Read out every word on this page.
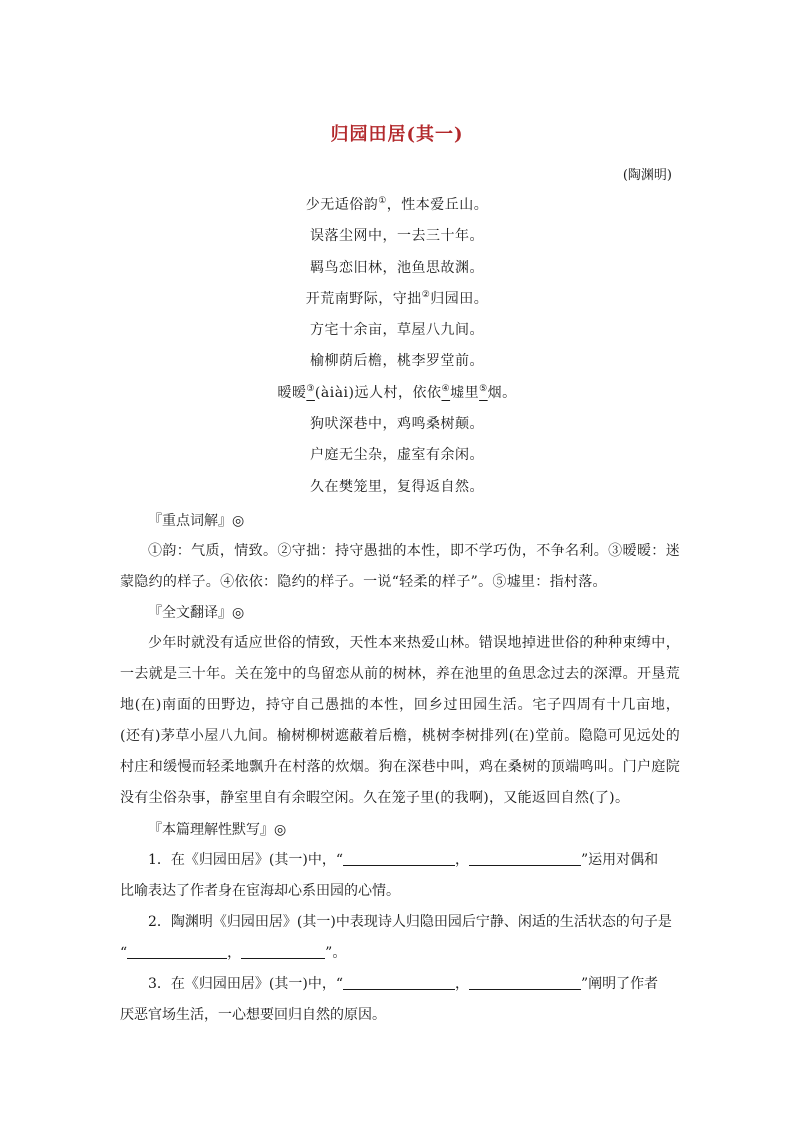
归园田居(其一)
(陶渊明)
少无适俗韵①，性本爱丘山。
误落尘网中，一去三十年。
羁鸟恋旧林，池鱼思故渊。
开荒南野际，守拙②归园田。
方宅十余亩，草屋八九间。
榆柳荫后檐，桃李罗堂前。
暧暧③(àiài)远人村，依依④墟里⑤烟。
狗吠深巷中，鸡鸣桑树颠。
户庭无尘杂，虚室有余闲。
久在樊笼里，复得返自然。
『重点词解』◎
①韵：气质，情致。②守拙：持守愚拙的本性，即不学巧伪，不争名利。③暧暧：迷蒙隐约的样子。④依依：隐约的样子。一说“轻柔的样子”。⑤墟里：指村落。
『全文翻译』◎
少年时就没有适应世俗的情致，天性本来热爱山林。错误地掉进世俗的种种束缚中，一去就是三十年。关在笼中的鸟留恋从前的树林，养在池里的鱼思念过去的深潭。开垦荒地(在)南面的田野边，持守自己愚拙的本性，回乡过田园生活。宅子四周有十几亩地，(还有)茅草小屋八九间。榆树柳树遮蔽着后檐，桃树李树排列(在)堂前。隐隐可见远处的村庄和缓慢而轻柔地飘升在村落的炊烟。狗在深巷中叫，鸡在桑树的顶端鸣叫。门户庭院没有尘俗杂事，静室里自有余暇空闲。久在笼子里(的我啊)，又能返回自然(了)。
『本篇理解性默写』◎
1．在《归园田居》(其一)中，“	，	”运用对偶和
比喻表达了作者身在宦海却心系田园的心情。
2．陶渊明《归园田居》(其一)中表现诗人归隐田园后宁静、闲适的生活状态的句子是
“	，	”。
3．在《归园田居》(其一)中，“	，	”阐明了作者
厌恶官场生活，一心想要回归自然的原因。
